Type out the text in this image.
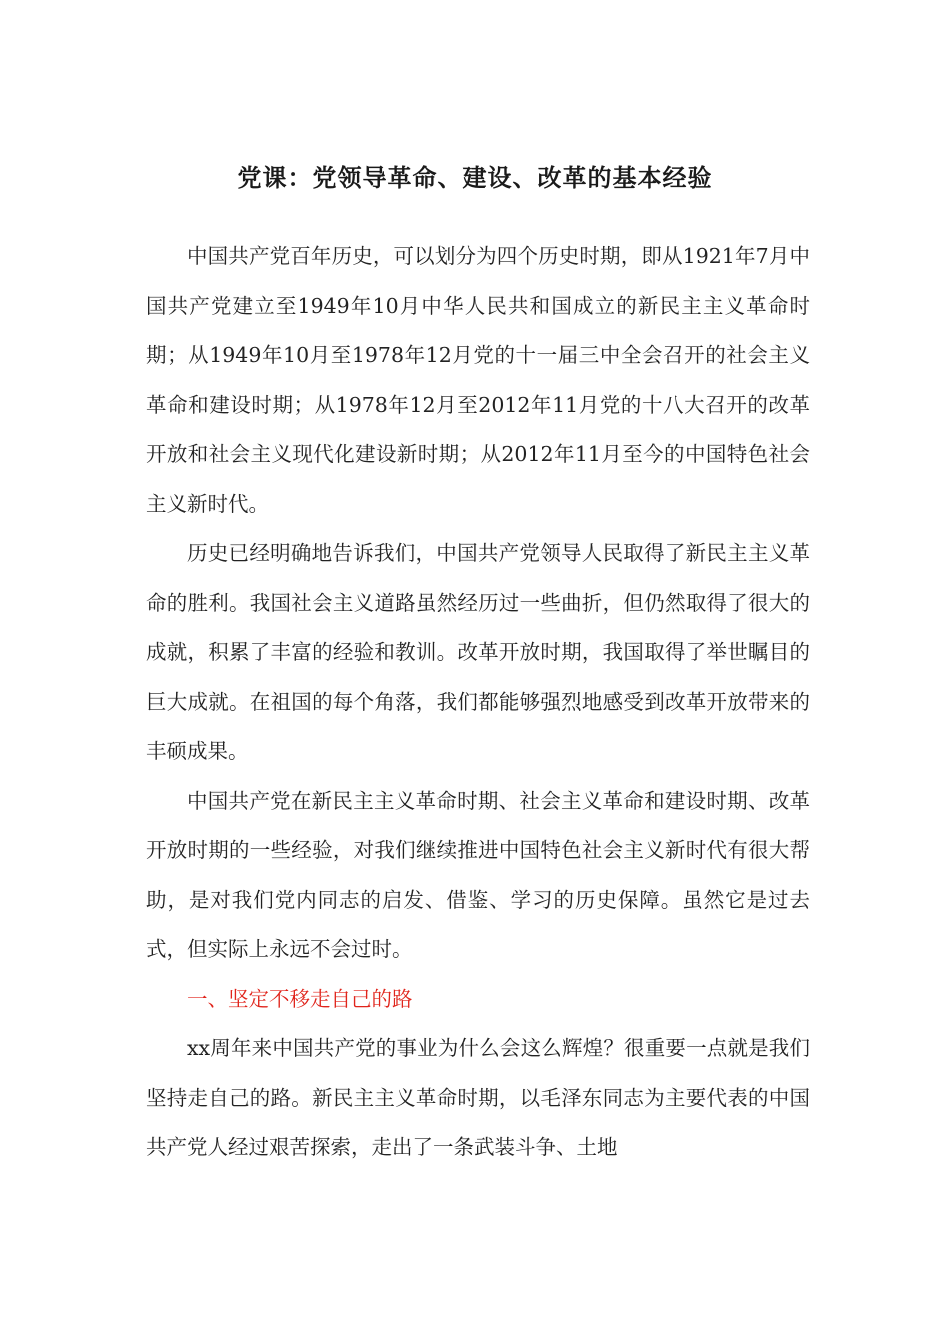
党课：党领导革命、建设、改革的基本经验

中国共产党百年历史，可以划分为四个历史时期，即从1921年7月中国共产党建立至1949年10月中华人民共和国成立的新民主主义革命时期；从1949年10月至1978年12月党的十一届三中全会召开的社会主义革命和建设时期；从1978年12月至2012年11月党的十八大召开的改革开放和社会主义现代化建设新时期；从2012年11月至今的中国特色社会主义新时代。

历史已经明确地告诉我们，中国共产党领导人民取得了新民主主义革命的胜利。我国社会主义道路虽然经历过一些曲折，但仍然取得了很大的成就，积累了丰富的经验和教训。改革开放时期，我国取得了举世瞩目的巨大成就。在祖国的每个角落，我们都能够强烈地感受到改革开放带来的丰硕成果。

中国共产党在新民主主义革命时期、社会主义革命和建设时期、改革开放时期的一些经验，对我们继续推进中国特色社会主义新时代有很大帮助，是对我们党内同志的启发、借鉴、学习的历史保障。虽然它是过去式，但实际上永远不会过时。

一、坚定不移走自己的路

xx周年来中国共产党的事业为什么会这么辉煌？很重要一点就是我们坚持走自己的路。新民主主义革命时期，以毛泽东同志为主要代表的中国共产党人经过艰苦探索，走出了一条武装斗争、土地
